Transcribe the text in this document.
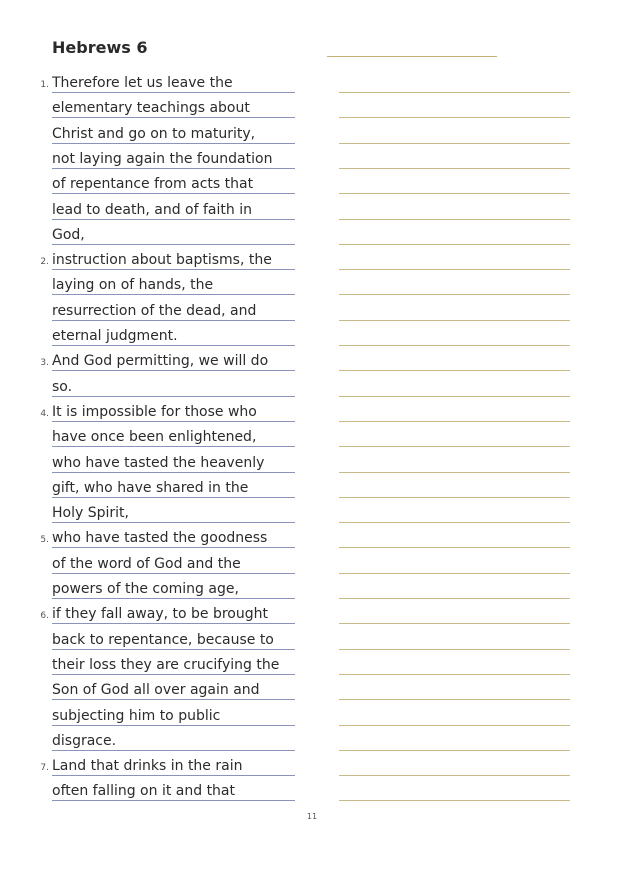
Hebrews 6
1. Therefore let us leave the
elementary teachings about
Christ and go on to maturity,
not laying again the foundation
of repentance from acts that
lead to death, and of faith in
God,
2. instruction about baptisms, the
laying on of hands, the
resurrection of the dead, and
eternal judgment.
3. And God permitting, we will do
so.
4. It is impossible for those who
have once been enlightened,
who have tasted the heavenly
gift, who have shared in the
Holy Spirit,
5. who have tasted the goodness
of the word of God and the
powers of the coming age,
6. if they fall away, to be brought
back to repentance, because to
their loss they are crucifying the
Son of God all over again and
subjecting him to public
disgrace.
7. Land that drinks in the rain
often falling on it and that
11
